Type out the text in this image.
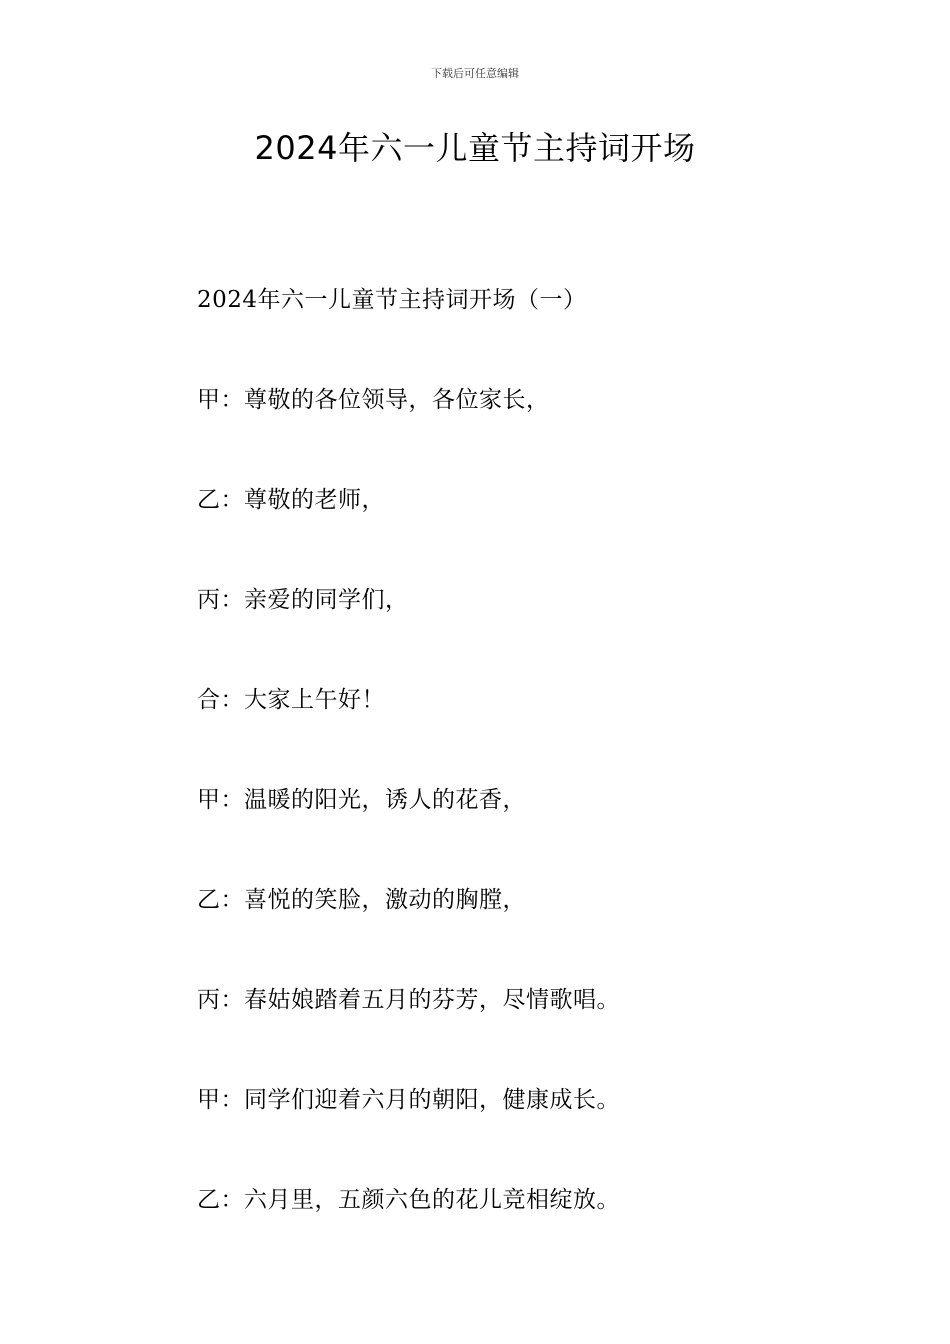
下载后可任意编辑
2024年六一儿童节主持词开场
2024年六一儿童节主持词开场（一）
甲：尊敬的各位领导，各位家长，
乙：尊敬的老师，
丙：亲爱的同学们，
合：大家上午好！
甲：温暖的阳光，诱人的花香，
乙：喜悦的笑脸，激动的胸膛，
丙：春姑娘踏着五月的芬芳，尽情歌唱。
甲：同学们迎着六月的朝阳，健康成长。
乙：六月里，五颜六色的花儿竞相绽放。
